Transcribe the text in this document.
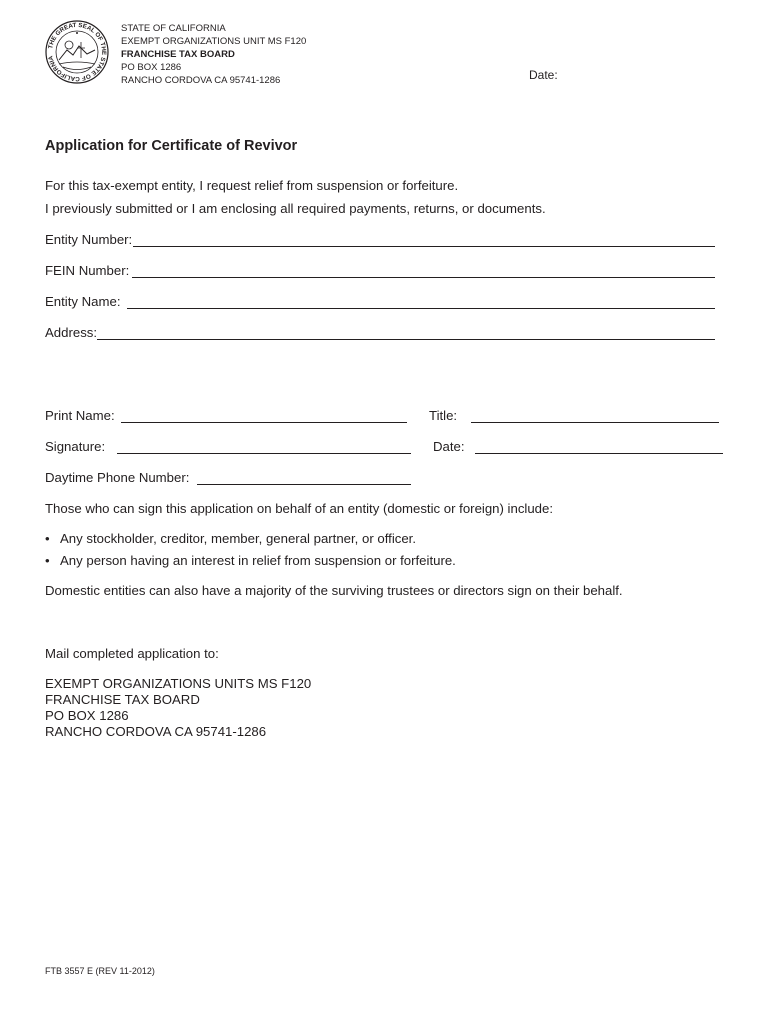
THE GREAT SEAL OF THE STATE OF CALIFORNIA
STATE OF CALIFORNIA
EXEMPT ORGANIZATIONS UNIT MS F120
FRANCHISE TAX BOARD
PO BOX 1286
RANCHO CORDOVA CA 95741-1286	Date:
Application for Certificate of Revivor
For this tax-exempt entity, I request relief from suspension or forfeiture.
I previously submitted or I am enclosing all required payments, returns, or documents.
Entity Number:
FEIN Number:
Entity Name:
Address:
Print Name:	Title:
Signature:	Date:
Daytime Phone Number:
Those who can sign this application on behalf of an entity (domestic or foreign) include:
• Any stockholder, creditor, member, general partner, or officer.
• Any person having an interest in relief from suspension or forfeiture.
Domestic entities can also have a majority of the surviving trustees or directors sign on their behalf.
Mail completed application to:
EXEMPT ORGANIZATIONS UNITS MS F120
FRANCHISE TAX BOARD
PO BOX 1286
RANCHO CORDOVA CA 95741-1286
FTB 3557 E (REV 11-2012)
